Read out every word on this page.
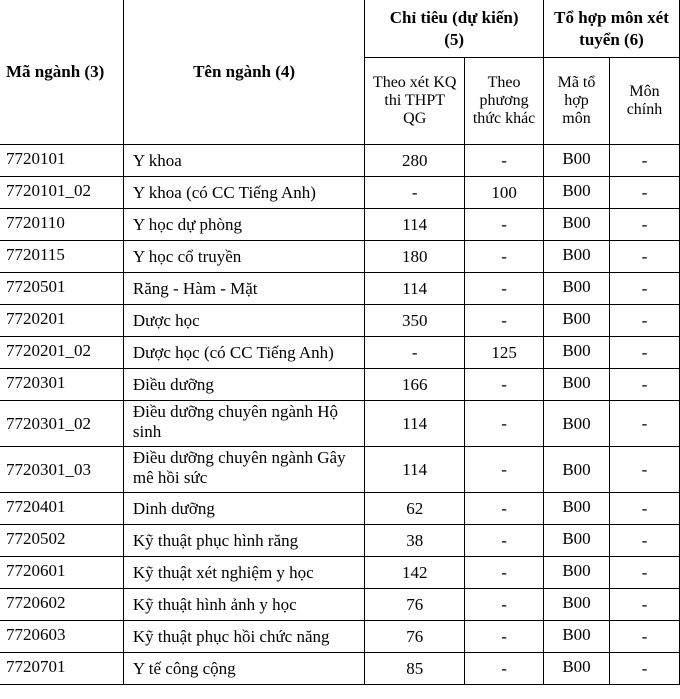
Mã ngành (3)	Tên ngành (4)	Chỉ tiêu (dự kiến) (5)		Tổ hợp môn xét tuyển (6)	
		Theo xét KQ thi THPT QG	Theo phương thức khác	Mã tổ hợp môn	Môn chính
7720101	Y khoa	280	-	B00	-
7720101_02	Y khoa (có CC Tiếng Anh)	-	100	B00	-
7720110	Y học dự phòng	114	-	B00	-
7720115	Y học cổ truyền	180	-	B00	-
7720501	Răng - Hàm - Mặt	114	-	B00	-
7720201	Dược học	350	-	B00	-
7720201_02	Dược học (có CC Tiếng Anh)	-	125	B00	-
7720301	Điều dưỡng	166	-	B00	-
7720301_02	Điều dưỡng chuyên ngành Hộ sinh	114	-	B00	-
7720301_03	Điều dưỡng chuyên ngành Gây mê hồi sức	114	-	B00	-
7720401	Dinh dưỡng	62	-	B00	-
7720502	Kỹ thuật phục hình răng	38	-	B00	-
7720601	Kỹ thuật xét nghiệm y học	142	-	B00	-
7720602	Kỹ thuật hình ảnh y học	76	-	B00	-
7720603	Kỹ thuật phục hồi chức năng	76	-	B00	-
7720701	Y tế công cộng	85	-	B00	-
